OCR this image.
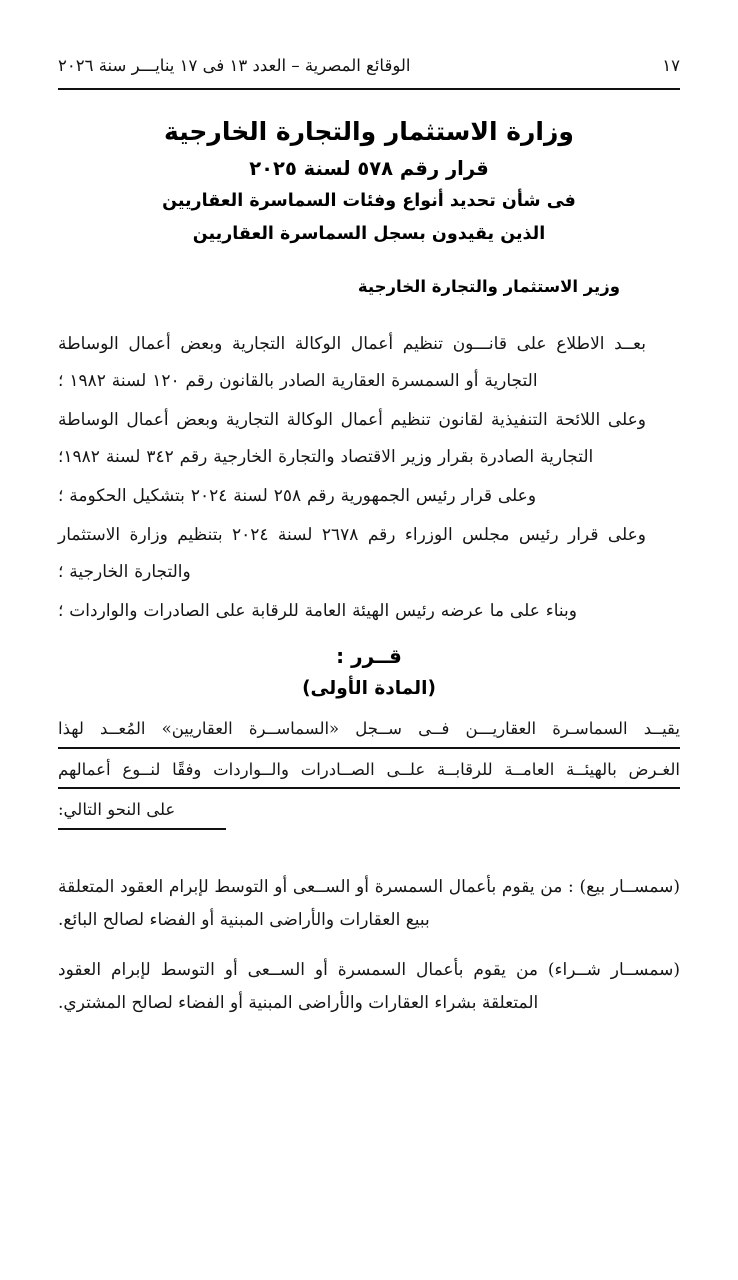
الوقائع المصرية – العدد ١٣ فى ١٧ ينايـــر سنة ٢٠٢٦	١٧
وزارة الاستثمار والتجارة الخارجية
قرار رقم ٥٧٨ لسنة ٢٠٢٥
فى شأن تحديد أنواع وفئات السماسرة العقاريين
الذين يقيدون بسجل السماسرة العقاريين
وزير الاستثمار والتجارة الخارجية

بعــد الاطلاع على قانـــون تنظيم أعمال الوكالة التجارية وبعض أعمال الوساطة التجارية أو السمسرة العقارية الصادر بالقانون رقم ١٢٠ لسنة ١٩٨٢ ؛

وعلى اللائحة التنفيذية لقانون تنظيم أعمال الوكالة التجارية وبعض أعمال الوساطة التجارية الصادرة بقرار وزير الاقتصاد والتجارة الخارجية رقم ٣٤٢ لسنة ١٩٨٢؛

وعلى قرار رئيس الجمهورية رقم ٢٥٨ لسنة ٢٠٢٤ بتشكيل الحكومة ؛

وعلى قرار رئيس مجلس الوزراء رقم ٢٦٧٨ لسنة ٢٠٢٤ بتنظيم وزارة الاستثمار والتجارة الخارجية ؛

وبناء على ما عرضه رئيس الهيئة العامة للرقابة على الصادرات والواردات ؛

قــرر :
(المادة الأولى)
يقيــد السماسـرة العقاريـــن فــى ســجل «السماســرة العقاريين» المُعــد لهذا
الغـرض بالهيئــة العامــة للرقابــة علــى الصــادرات والــواردات وفقًا لنــوع أعمالهم
على النحو التالي:

(سمســار بيع) : من يقوم بأعمال السمسرة أو الســعى أو التوسط لإبرام العقود المتعلقة ببيع العقارات والأراضى المبنية أو الفضاء لصالح البائع.

(سمســار شــراء) من يقوم بأعمال السمسرة أو الســعى أو التوسط لإبرام العقود المتعلقة بشراء العقارات والأراضى المبنية أو الفضاء لصالح المشتري.
